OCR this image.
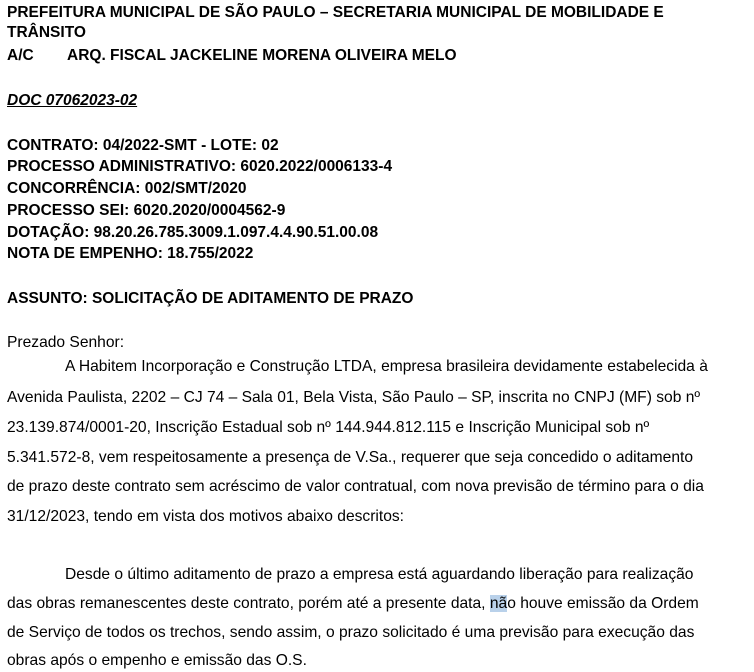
PREFEITURA MUNICIPAL DE SÃO PAULO – SECRETARIA MUNICIPAL DE MOBILIDADE E
TRÂNSITO
A/C ARQ. FISCAL JACKELINE MORENA OLIVEIRA MELO
DOC 07062023-02
CONTRATO: 04/2022-SMT - LOTE: 02
PROCESSO ADMINISTRATIVO: 6020.2022/0006133-4
CONCORRÊNCIA: 002/SMT/2020
PROCESSO SEI: 6020.2020/0004562-9
DOTAÇÃO: 98.20.26.785.3009.1.097.4.4.90.51.00.08
NOTA DE EMPENHO: 18.755/2022
ASSUNTO: SOLICITAÇÃO DE ADITAMENTO DE PRAZO
Prezado Senhor:
A Habitem Incorporação e Construção LTDA, empresa brasileira devidamente estabelecida à
Avenida Paulista, 2202 – CJ 74 – Sala 01, Bela Vista, São Paulo – SP, inscrita no CNPJ (MF) sob nº
23.139.874/0001-20, Inscrição Estadual sob nº 144.944.812.115 e Inscrição Municipal sob nº
5.341.572-8, vem respeitosamente a presença de V.Sa., requerer que seja concedido o aditamento
de prazo deste contrato sem acréscimo de valor contratual, com nova previsão de término para o dia
31/12/2023, tendo em vista dos motivos abaixo descritos:
Desde o último aditamento de prazo a empresa está aguardando liberação para realização
das obras remanescentes deste contrato, porém até a presente data, não houve emissão da Ordem
de Serviço de todos os trechos, sendo assim, o prazo solicitado é uma previsão para execução das
obras após o empenho e emissão das O.S.
